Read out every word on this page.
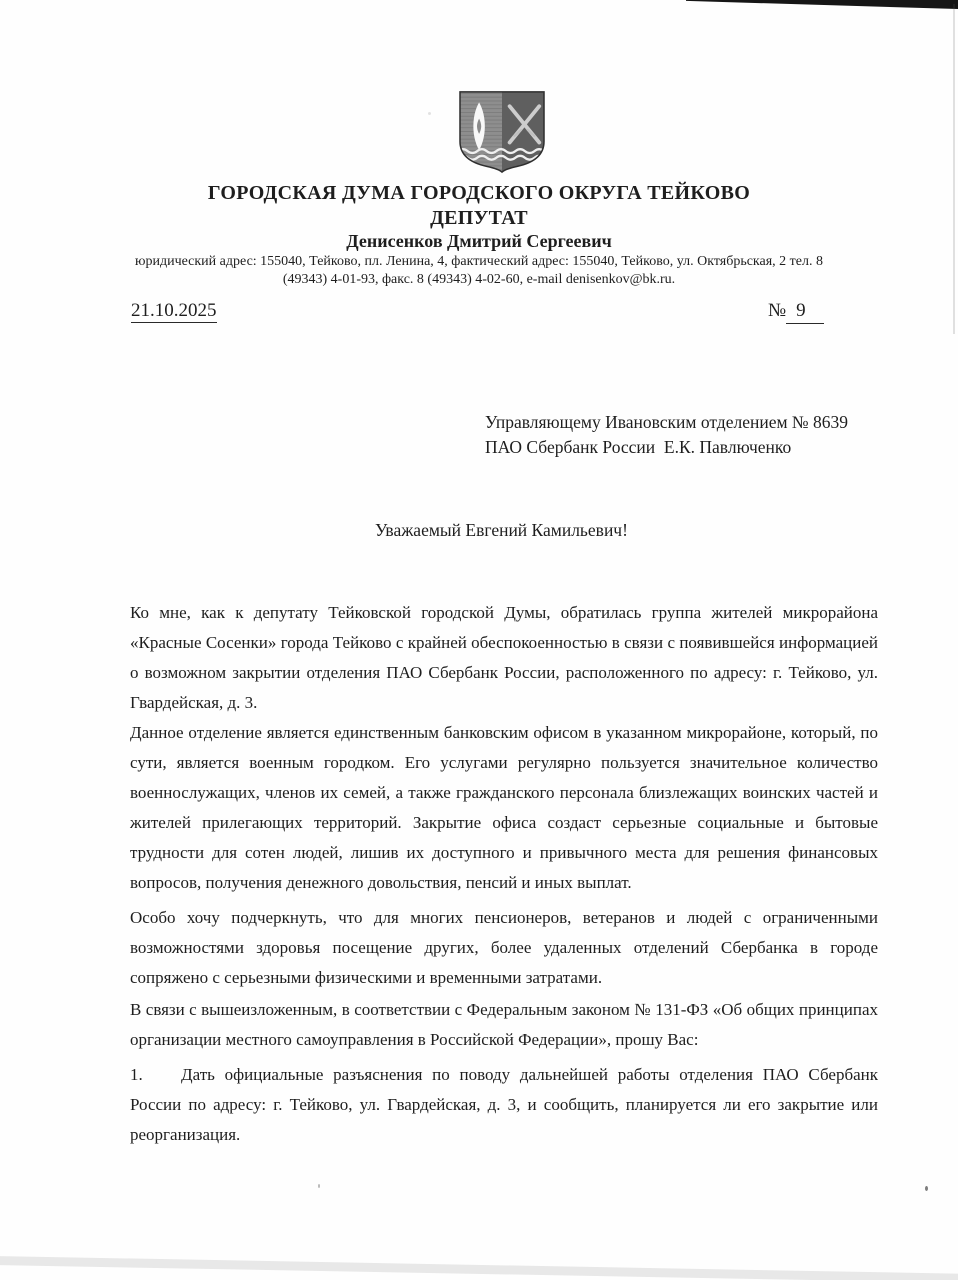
ГОРОДСКАЯ ДУМА ГОРОДСКОГО ОКРУГА ТЕЙКОВО
ДЕПУТАТ
Денисенков Дмитрий Сергеевич
юридический адрес: 155040, Тейково, пл. Ленина, 4, фактический адрес: 155040, Тейково, ул. Октябрьская, 2 тел. 8
(49343) 4-01-93, факс. 8 (49343) 4-02-60, e-mail denisenkov@bk.ru.
21.10.2025	№ 9
Управляющему Ивановским отделением № 8639
ПАО Сбербанк России  Е.К. Павлюченко
Уважаемый Евгений Камильевич!
Ко мне, как к депутату Тейковской городской Думы, обратилась группа жителей микрорайона «Красные Сосенки» города Тейково с крайней обеспокоенностью в связи с появившейся информацией о возможном закрытии отделения ПАО Сбербанк России, расположенного по адресу: г. Тейково, ул. Гвардейская, д. 3.
Данное отделение является единственным банковским офисом в указанном микрорайоне, который, по сути, является военным городком. Его услугами регулярно пользуется значительное количество военнослужащих, членов их семей, а также гражданского персонала близлежащих воинских частей и жителей прилегающих территорий. Закрытие офиса создаст серьезные социальные и бытовые трудности для сотен людей, лишив их доступного и привычного места для решения финансовых вопросов, получения денежного довольствия, пенсий и иных выплат.
Особо хочу подчеркнуть, что для многих пенсионеров, ветеранов и людей с ограниченными возможностями здоровья посещение других, более удаленных отделений Сбербанка в городе сопряжено с серьезными физическими и временными затратами.
В связи с вышеизложенным, в соответствии с Федеральным законом № 131-ФЗ «Об общих принципах организации местного самоуправления в Российской Федерации», прошу Вас:
1. Дать официальные разъяснения по поводу дальнейшей работы отделения ПАО Сбербанк России по адресу: г. Тейково, ул. Гвардейская, д. 3, и сообщить, планируется ли его закрытие или реорганизация.
